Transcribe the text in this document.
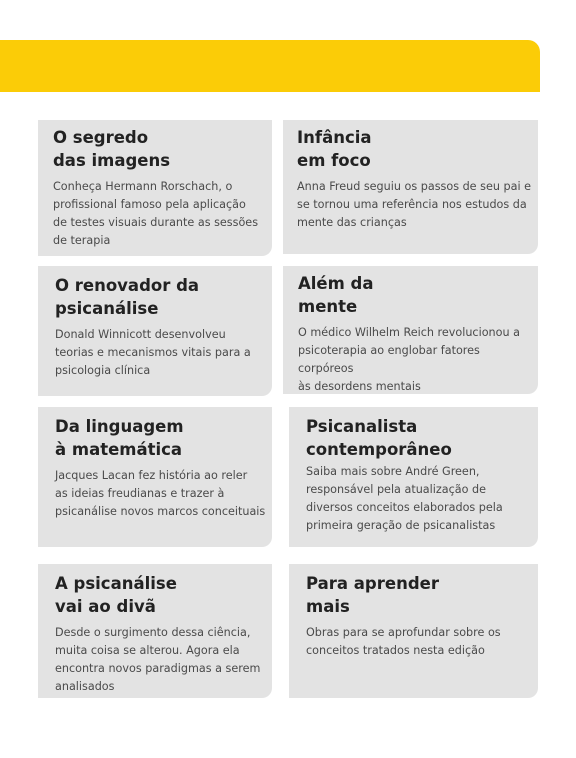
O segredo
das imagens

Conheça Hermann Rorschach, o
profissional famoso pela aplicação
de testes visuais durante as sessões
de terapia

Infância
em foco

Anna Freud seguiu os passos de seu pai e
se tornou uma referência nos estudos da
mente das crianças

O renovador da
psicanálise

Donald Winnicott desenvolveu
teorias e mecanismos vitais para a
psicologia clínica

Além da
mente

O médico Wilhelm Reich revolucionou a
psicoterapia ao englobar fatores corpóreos
às desordens mentais

Da linguagem
à matemática

Jacques Lacan fez história ao reler
as ideias freudianas e trazer à
psicanálise novos marcos conceituais

Psicanalista
contemporâneo

Saiba mais sobre André Green,
responsável pela atualização de
diversos conceitos elaborados pela
primeira geração de psicanalistas

A psicanálise
vai ao divã

Desde o surgimento dessa ciência,
muita coisa se alterou. Agora ela
encontra novos paradigmas a serem
analisados

Para aprender
mais

Obras para se aprofundar sobre os
conceitos tratados nesta edição
